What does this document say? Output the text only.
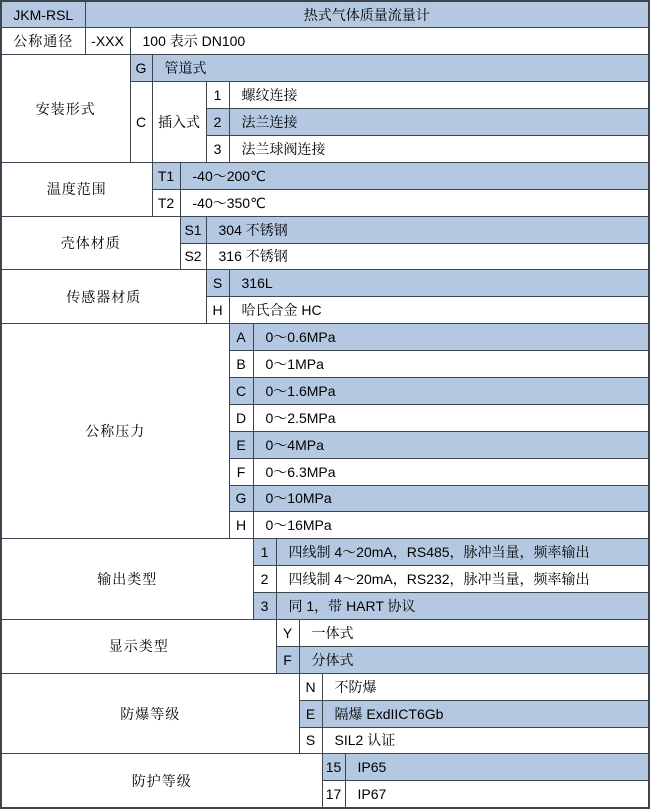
JKM-RSL	热式气体质量流量计										
公称通径	-XXX	100 表示 DN100									
安装形式		G	管道式								
		C	插入式		1	螺纹连接					
					2	法兰连接					
					3	法兰球阀连接					
温度范围			T1	-40～200℃							
			T2	-40～350℃							
壳体材质				S1	304 不锈钢						
				S2	316 不锈钢						
传感器材质					S	316L					
					H	哈氏合金 HC					
公称压力						A	0～0.6MPa				
						B	0～1MPa				
						C	0～1.6MPa				
						D	0～2.5MPa				
						E	0～4MPa				
						F	0～6.3MPa				
						G	0～10MPa				
						H	0～16MPa				
输出类型							1	四线制 4～20mA，RS485，脉冲当量，频率输出			
							2	四线制 4～20mA，RS232，脉冲当量，频率输出			
							3	同 1，带 HART 协议			
显示类型								Y	一体式		
								F	分体式		
防爆等级									N	不防爆	
									E	隔爆 ExdIICT6Gb	
									S	SIL2 认证	
防护等级										15	IP65
										17	IP67
